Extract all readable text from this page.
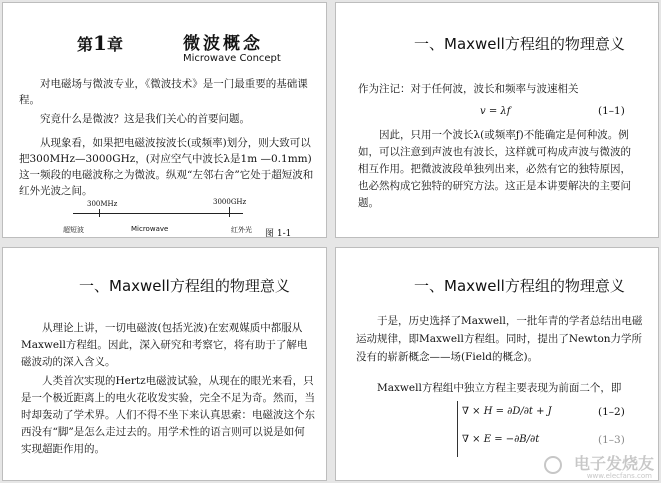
第1章	微波概念
Microwave Concept
对电磁场与微波专业，《微波技术》是一门最重要的基础课程。
究竟什么是微波？这是我们关心的首要问题。
从现象看，如果把电磁波按波长(或频率)划分，则大致可以把300MHz—3000GHz，(对应空气中波长λ是1m —0.1mm)这一频段的电磁波称之为微波。纵观“左邻右舍”它处于超短波和红外光波之间。
300MHz	3000GHz
超短波	Microwave	红外光 图 1-1
一、Maxwell方程组的物理意义
作为注记：对于任何波，波长和频率与波速相关
v = λf	(1–1)
因此，只用一个波长λ(或频率ƒ)不能确定是何种波。例如，可以注意到声波也有波长，这样就可构成声波与微波的相互作用。把微波波段单独列出来，必然有它的独特原因，也必然构成它独特的研究方法。这正是本讲要解决的主要问题。
一、Maxwell方程组的物理意义
从理论上讲，一切电磁波(包括光波)在宏观媒质中都服从Maxwell方程组。因此，深入研究和考察它，将有助于了解电磁波动的深入含义。
人类首次实现的Hertz电磁波试验，从现在的眼光来看，只是一个极近距离上的电火花收发实验，完全不足为奇。然而，当时却轰动了学术界。人们不得不坐下来认真思索：电磁波这个东西没有“脚”是怎么走过去的。用学术性的语言则可以说是如何实现超距作用的。
一、Maxwell方程组的物理意义
于是，历史选择了Maxwell，一批年青的学者总结出电磁运动规律，即Maxwell方程组。同时，提出了Newton力学所没有的崭新概念——场(Field的概念)。
Maxwell方程组中独立方程主要表现为前面二个，即
∇ × H = ∂D/∂t + J	(1–2)
∇ × E = −∂B/∂t	(1–3)
电子发烧友
www.elecfans.com
